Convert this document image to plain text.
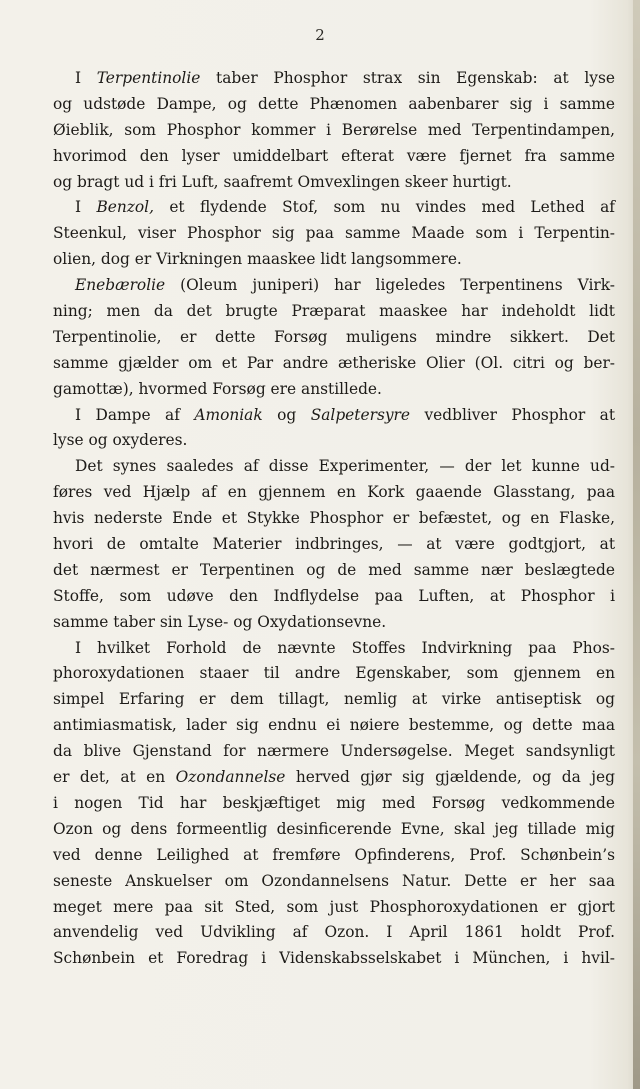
2
I Terpentinolie taber Phosphor strax sin Egenskab: at lyse
og udstøde Dampe, og dette Phænomen aabenbarer sig i samme
Øieblik, som Phosphor kommer i Berørelse med Terpentindampen,
hvorimod den lyser umiddelbart efterat være fjernet fra samme
og bragt ud i fri Luft, saafremt Omvexlingen skeer hurtigt.
I Benzol, et flydende Stof, som nu vindes med Lethed af
Steenkul, viser Phosphor sig paa samme Maade som i Terpentin-
olien, dog er Virkningen maaskee lidt langsommere.
Enebærolie (Oleum juniperi) har ligeledes Terpentinens Virk-
ning; men da det brugte Præparat maaskee har indeholdt lidt
Terpentinolie, er dette Forsøg muligens mindre sikkert. Det
samme gjælder om et Par andre ætheriske Olier (Ol. citri og ber-
gamottæ), hvormed Forsøg ere anstillede.
I Dampe af Amoniak og Salpetersyre vedbliver Phosphor at
lyse og oxyderes.
Det synes saaledes af disse Experimenter, — der let kunne ud-
føres ved Hjælp af en gjennem en Kork gaaende Glasstang, paa
hvis nederste Ende et Stykke Phosphor er befæstet, og en Flaske,
hvori de omtalte Materier indbringes, — at være godtgjort, at
det nærmest er Terpentinen og de med samme nær beslægtede
Stoffe, som udøve den Indflydelse paa Luften, at Phosphor i
samme taber sin Lyse- og Oxydationsevne.
I hvilket Forhold de nævnte Stoffes Indvirkning paa Phos-
phoroxydationen staaer til andre Egenskaber, som gjennem en
simpel Erfaring er dem tillagt, nemlig at virke antiseptisk og
antimiasmatisk, lader sig endnu ei nøiere bestemme, og dette maa
da blive Gjenstand for nærmere Undersøgelse. Meget sandsynligt
er det, at en Ozondannelse herved gjør sig gjældende, og da jeg
i nogen Tid har beskjæftiget mig med Forsøg vedkommende
Ozon og dens formeentlig desinficerende Evne, skal jeg tillade mig
ved denne Leilighed at fremføre Opfinderens, Prof. Schønbein’s
seneste Anskuelser om Ozondannelsens Natur. Dette er her saa
meget mere paa sit Sted, som just Phosphoroxydationen er gjort
anvendelig ved Udvikling af Ozon. I April 1861 holdt Prof.
Schønbein et Foredrag i Videnskabsselskabet i München, i hvil-
